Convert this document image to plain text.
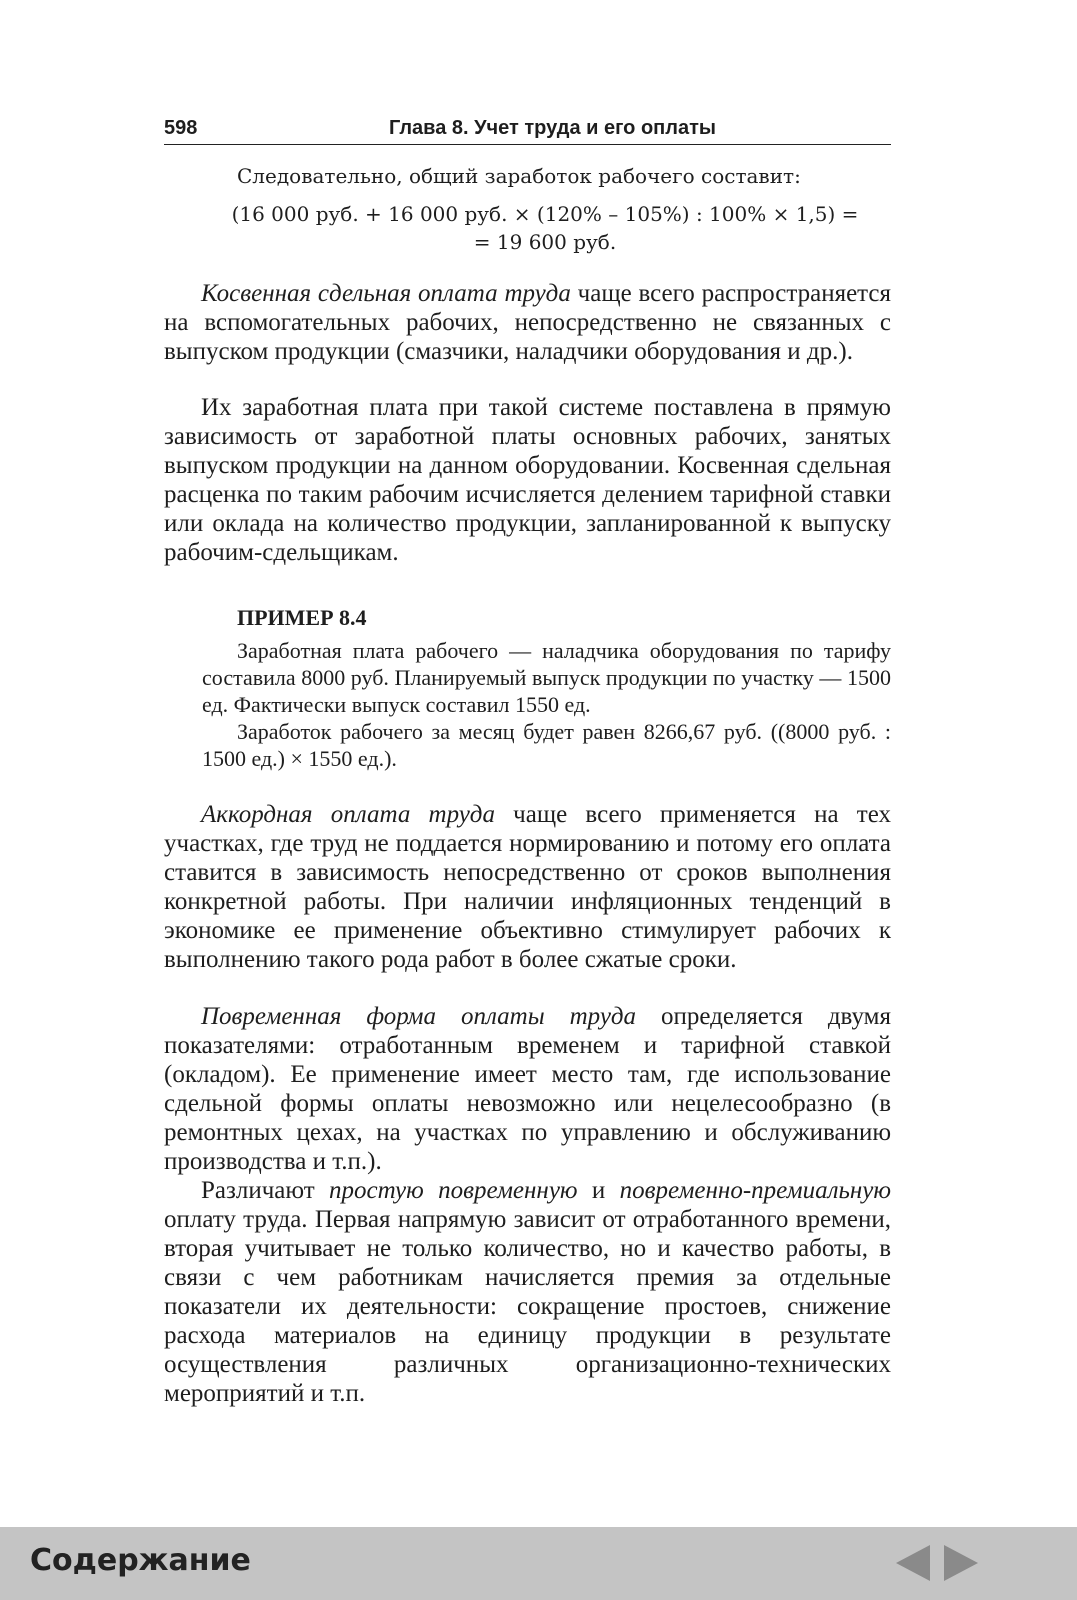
598	Глава 8. Учет труда и его оплаты
Следовательно, общий заработок рабочего составит:
(16 000 руб. + 16 000 руб. × (120% – 105%) : 100% × 1,5) =
= 19 600 руб.

Косвенная сдельная оплата труда чаще всего распространяется на вспомогательных рабочих, непосредственно не связанных с выпуском продукции (смазчики, наладчики оборудования и др.).

Их заработная плата при такой системе поставлена в прямую зависимость от заработной платы основных рабочих, занятых выпуском продукции на данном оборудовании. Косвенная сдельная расценка по таким рабочим исчисляется делением тарифной ставки или оклада на количество продукции, запланированной к выпуску рабочим-сдельщикам.

ПРИМЕР 8.4

Заработная плата рабочего — наладчика оборудования по тарифу составила 8000 руб. Планируемый выпуск продукции по участку — 1500 ед. Фактически выпуск составил 1550 ед.

Заработок рабочего за месяц будет равен 8266,67 руб. ((8000 руб. : 1500 ед.) × 1550 ед.).

Аккордная оплата труда чаще всего применяется на тех участках, где труд не поддается нормированию и потому его оплата ставится в зависимость непосредственно от сроков выполнения конкретной работы. При наличии инфляционных тенденций в экономике ее применение объективно стимулирует рабочих к выполнению такого рода работ в более сжатые сроки.

Повременная форма оплаты труда определяется двумя показателями: отработанным временем и тарифной ставкой (окладом). Ее применение имеет место там, где использование сдельной формы оплаты невозможно или нецелесообразно (в ремонтных цехах, на участках по управлению и обслуживанию производства и т.п.).

Различают простую повременную и повременно-премиальную оплату труда. Первая напрямую зависит от отработанного времени, вторая учитывает не только количество, но и качество работы, в связи с чем работникам начисляется премия за отдельные показатели их деятельности: сокращение простоев, снижение расхода материалов на единицу продукции в результате осуществления различных организационно-технических мероприятий и т.п.

Содержание
